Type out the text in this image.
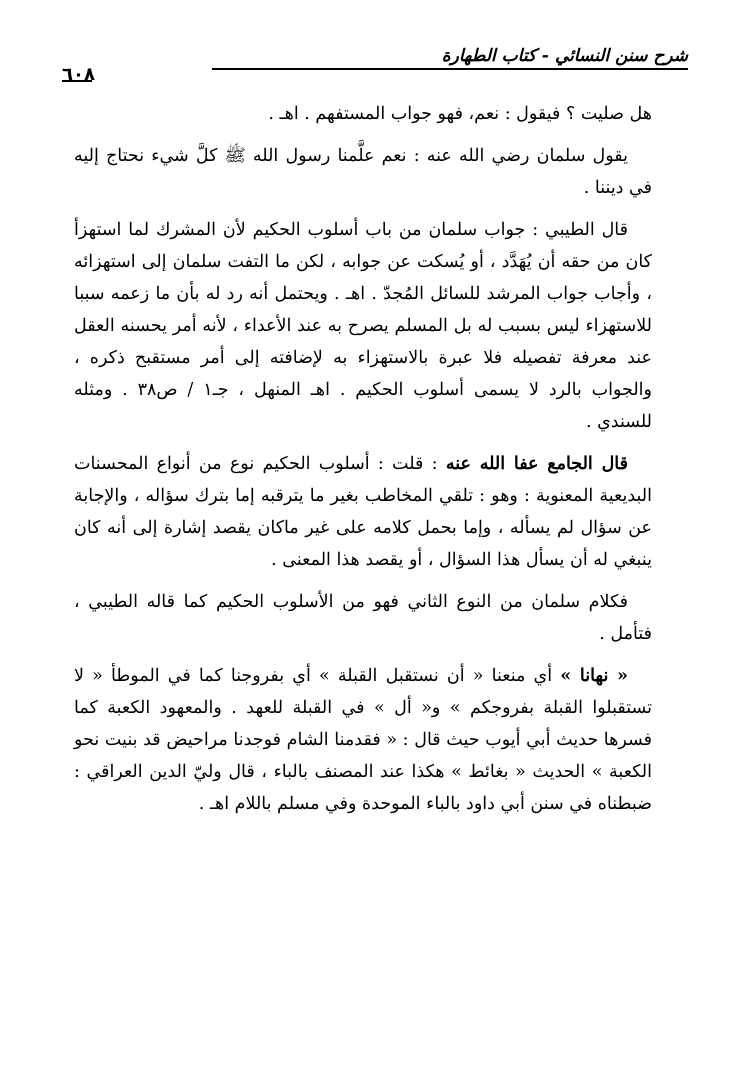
شرح سنن النسائي - كتاب الطهارة
٦٠٨

هل صليت ؟ فيقول : نعم، فهو جواب المستفهم . اهـ .

يقول سلمان رضي الله عنه : نعم علَّمنا رسول الله ﷺ كلَّ شيء نحتاج إليه في ديننا .

قال الطيبي : جواب سلمان من باب أسلوب الحكيم لأن المشرك لما استهزأ كان من حقه أن يُهَدَّد ، أو يُسكت عن جوابه ، لكن ما التفت سلمان إلى استهزائه ، وأجاب جواب المرشد للسائل المُجدّ . اهـ . ويحتمل أنه رد له بأن ما زعمه سببا للاستهزاء ليس بسبب له بل المسلم يصرح به عند الأعداء ، لأنه أمر يحسنه العقل عند معرفة تفصيله فلا عبرة بالاستهزاء به لإضافته إلى أمر مستقبح ذكره ، والجواب بالرد لا يسمى أسلوب الحكيم . اهـ المنهل ، جـ١ / ص٣٨ . ومثله للسندي .

قال الجامع عفا الله عنه : قلت : أسلوب الحكيم نوع من أنواع المحسنات البديعية المعنوية : وهو : تلقي المخاطب بغير ما يترقبه إما بترك سؤاله ، والإجابة عن سؤال لم يسأله ، وإما بحمل كلامه على غير ماكان يقصد إشارة إلى أنه كان ينبغي له أن يسأل هذا السؤال ، أو يقصد هذا المعنى .

فكلام سلمان من النوع الثاني فهو من الأسلوب الحكيم كما قاله الطيبي ، فتأمل .

« نهانا » أي منعنا « أن نستقبل القبلة » أي بفروجنا كما في الموطأ « لا تستقبلوا القبلة بفروجكم » و« أل » في القبلة للعهد . والمعهود الكعبة كما فسرها حديث أبي أيوب حيث قال : « فقدمنا الشام فوجدنا مراحيض قد بنيت نحو الكعبة » الحديث « بغائط » هكذا عند المصنف بالباء ، قال وليّ الدين العراقي : ضبطناه في سنن أبي داود بالباء الموحدة وفي مسلم باللام اهـ .
